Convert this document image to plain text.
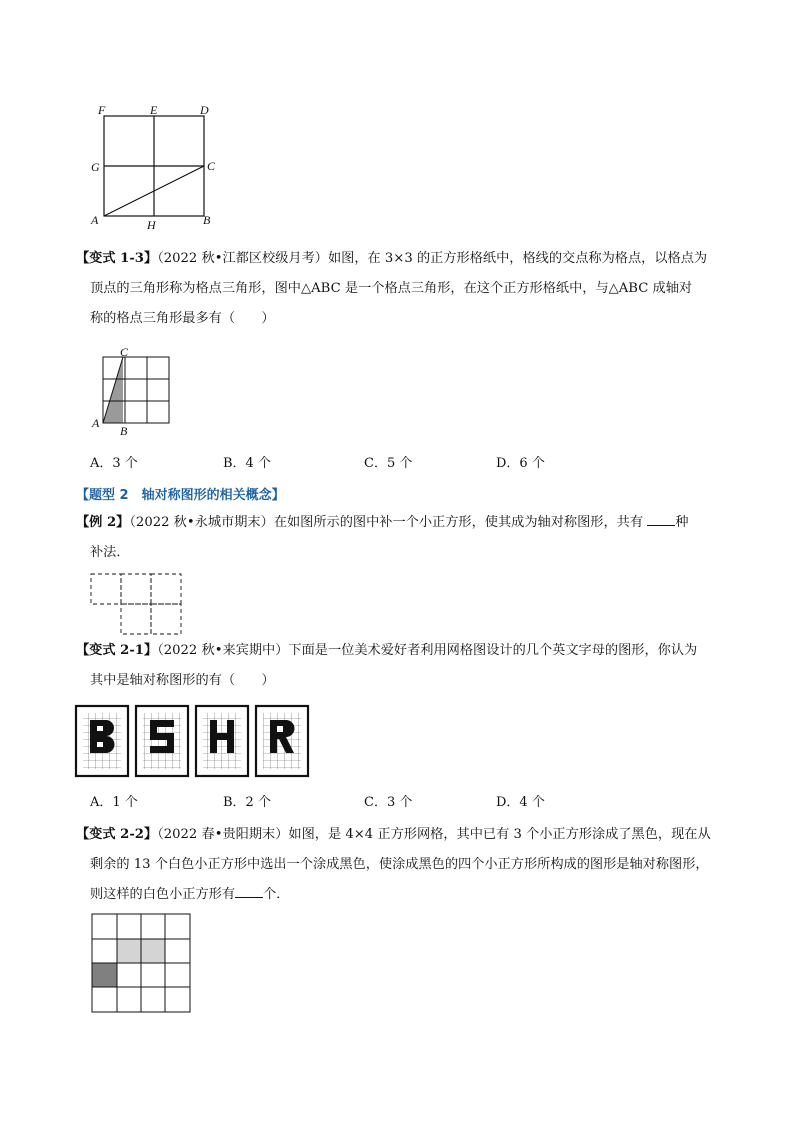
F	E	D
G	C
A	H	B
【变式 1-3】（2022 秋•江都区校级月考）如图，在 3×3 的正方形格纸中，格线的交点称为格点，以格点为
顶点的三角形称为格点三角形，图中△ABC 是一个格点三角形，在这个正方形格纸中，与△ABC 成轴对
称的格点三角形最多有（　　）
C
A
B
A．3 个	B．4 个	C．5 个	D．6 个
【题型 2　轴对称图形的相关概念】
【例 2】（2022 秋•永城市期末）在如图所示的图中补一个小正方形，使其成为轴对称图形，共有 种
补法．
【变式 2-1】（2022 秋•来宾期中）下面是一位美术爱好者利用网格图设计的几个英文字母的图形，你认为
其中是轴对称图形的有（　　）
A．1 个	B．2 个	C．3 个	D．4 个
【变式 2-2】（2022 春•贵阳期末）如图，是 4×4 正方形网格，其中已有 3 个小正方形涂成了黑色，现在从
剩余的 13 个白色小正方形中选出一个涂成黑色，使涂成黑色的四个小正方形所构成的图形是轴对称图形，
则这样的白色小正方形有 个．
